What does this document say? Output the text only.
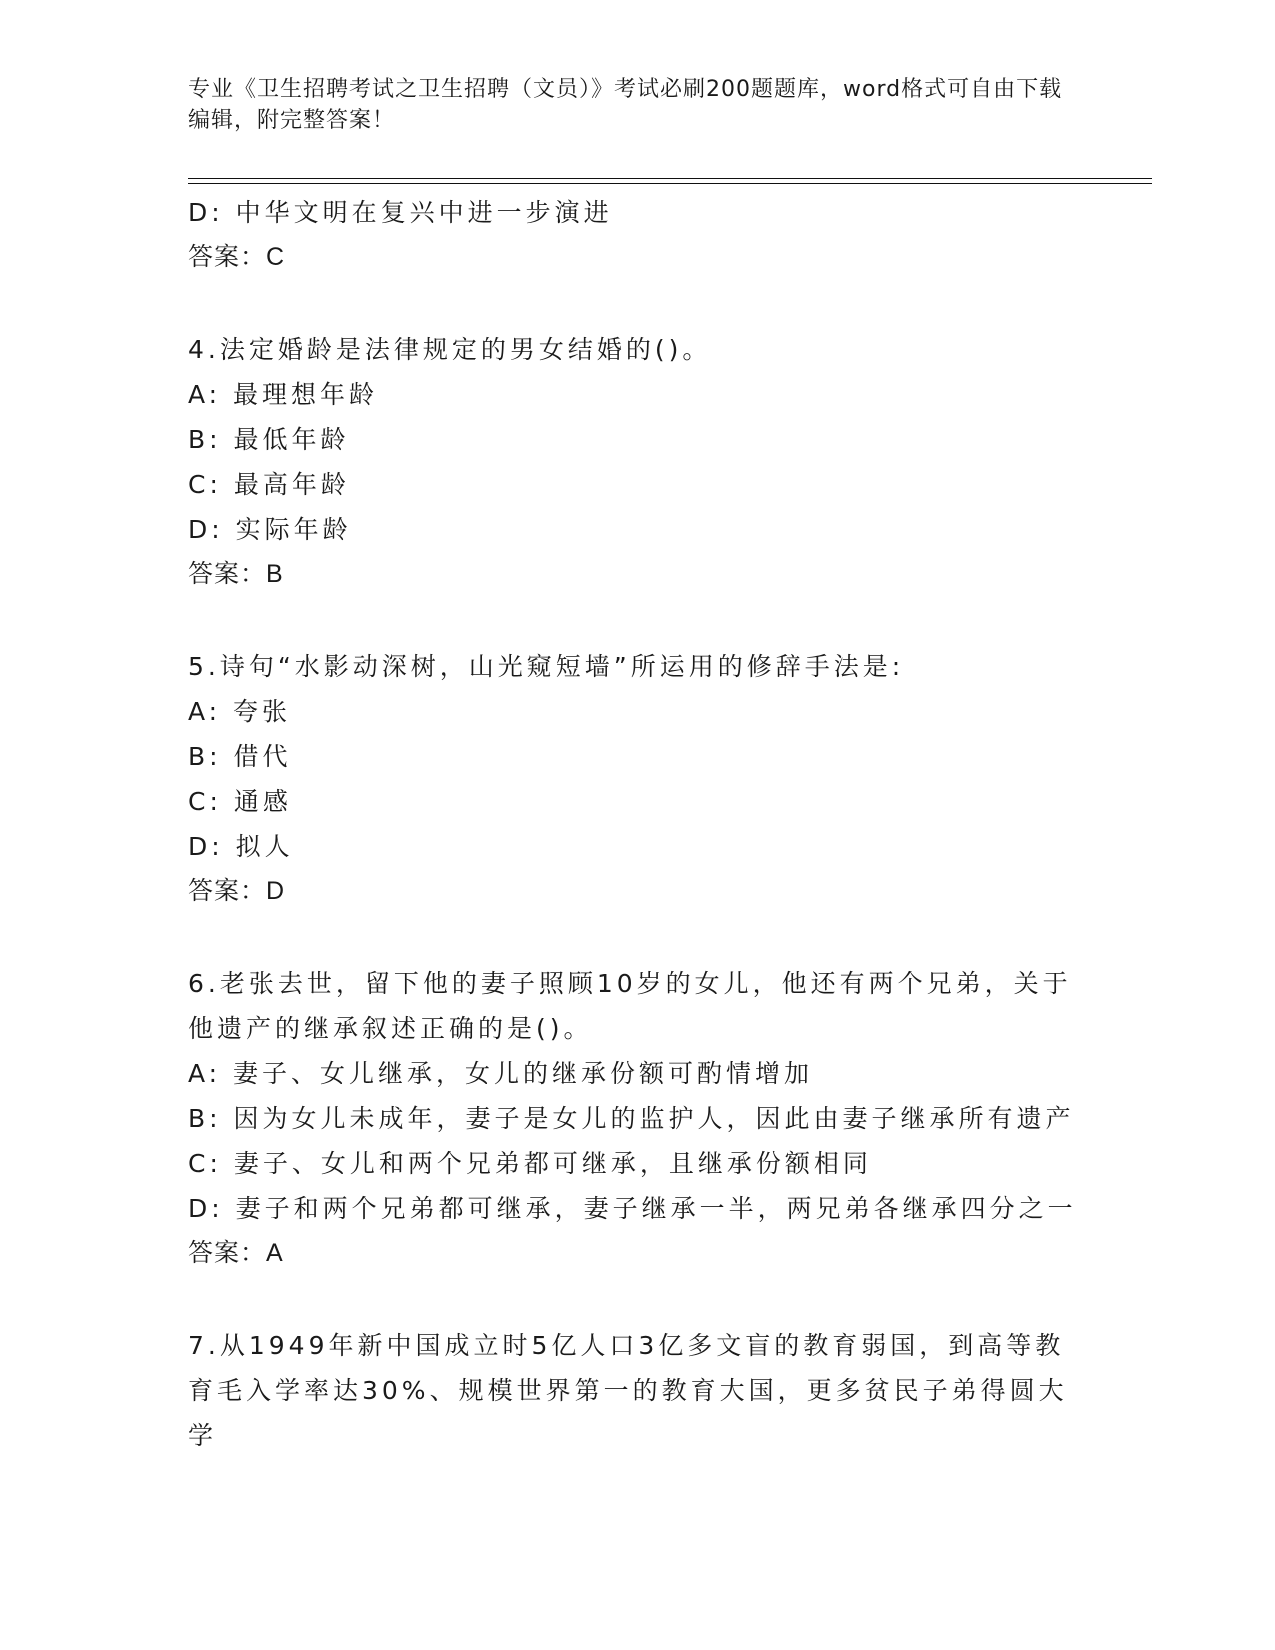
专业《卫生招聘考试之卫生招聘（文员）》考试必刷200题题库，word格式可自由下载编辑，附完整答案！
D: 中华文明在复兴中进一步演进
答案：C
4.法定婚龄是法律规定的男女结婚的()。
A: 最理想年龄
B: 最低年龄
C: 最高年龄
D: 实际年龄
答案：B
5.诗句“水影动深树，山光窥短墙”所运用的修辞手法是:
A: 夸张
B: 借代
C: 通感
D: 拟人
答案：D
6.老张去世，留下他的妻子照顾10岁的女儿，他还有两个兄弟，关于他遗产的继承叙述正确的是()。
A: 妻子、女儿继承，女儿的继承份额可酌情增加
B: 因为女儿未成年，妻子是女儿的监护人，因此由妻子继承所有遗产
C: 妻子、女儿和两个兄弟都可继承，且继承份额相同
D: 妻子和两个兄弟都可继承，妻子继承一半，两兄弟各继承四分之一
答案：A
7.从1949年新中国成立时5亿人口3亿多文盲的教育弱国，到高等教育毛入学率达30%、规模世界第一的教育大国，更多贫民子弟得圆大学
